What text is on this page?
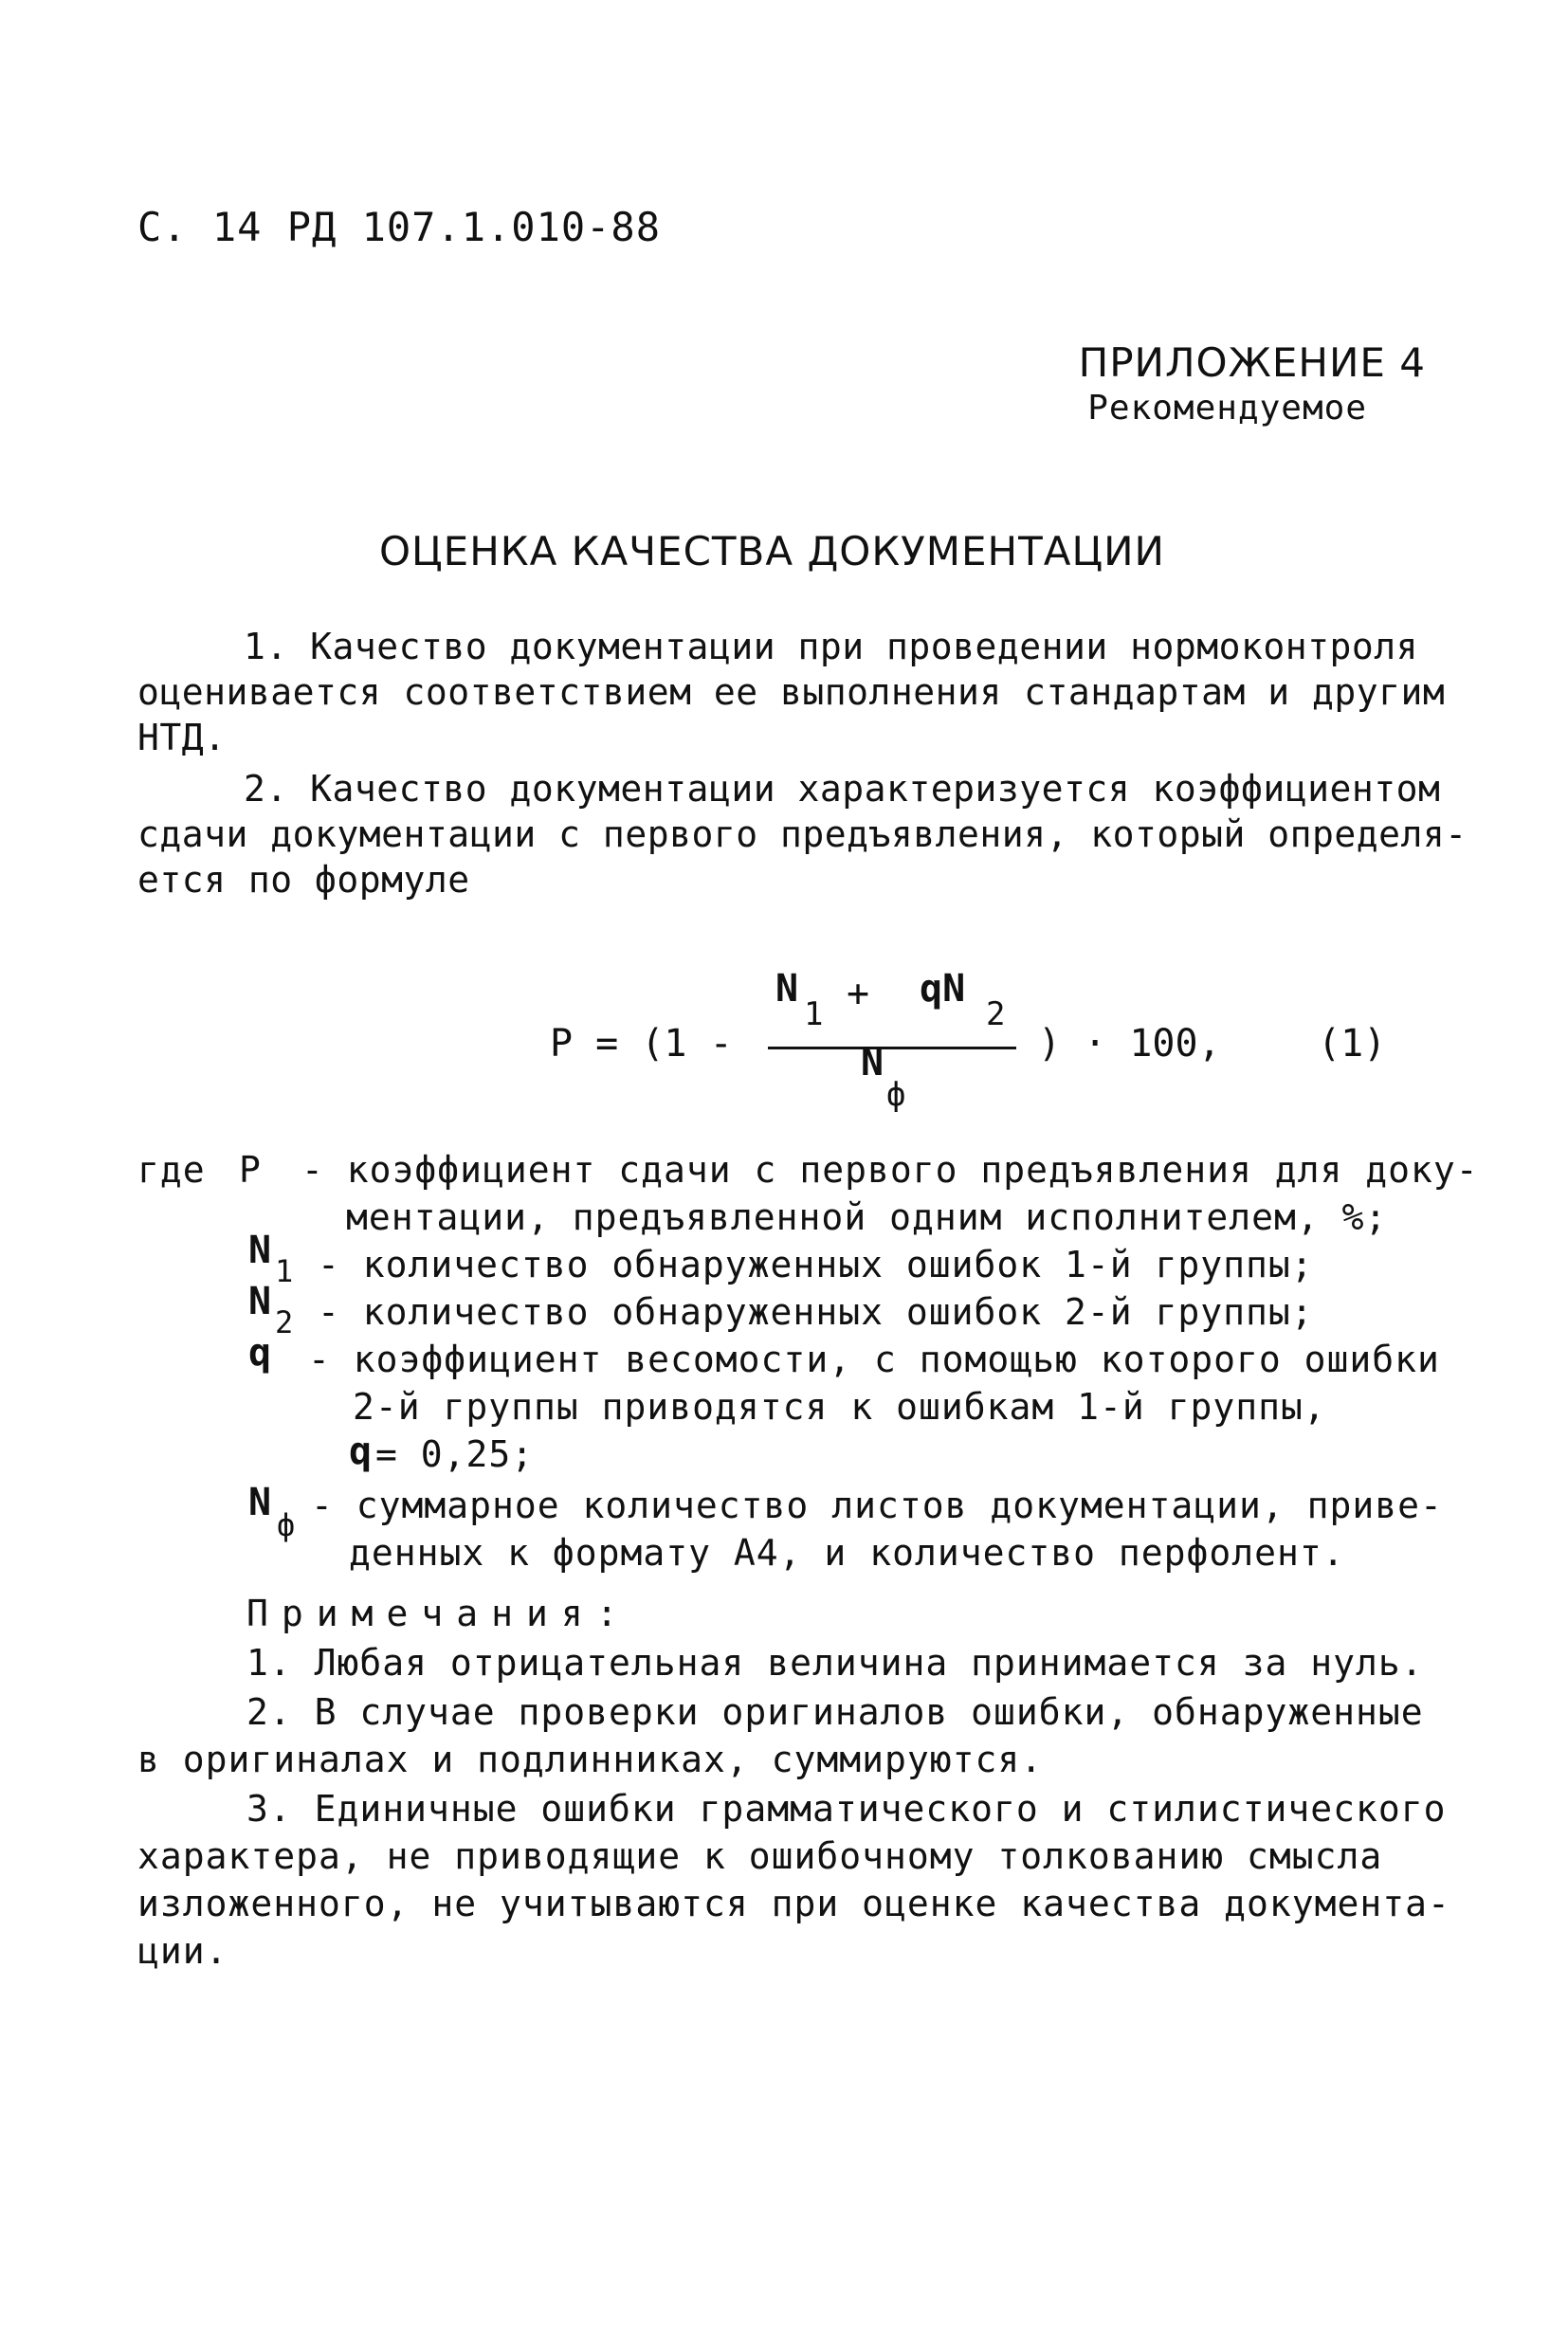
С. 14 РД 107.1.010-88
ПРИЛОЖЕНИЕ 4
Рекомендуемое
ОЦЕНКА КАЧЕСТВА ДОКУМЕНТАЦИИ
1. Качество документации при проведении нормоконтроля
оценивается соответствием ее выполнения стандартам и другим
НТД.
2. Качество документации характеризуется коэффициентом
сдачи документации с первого предъявления, который определя-
ется по формуле
P = (1 -
N
1 + qN
2
N
ф
) · 100,	(1)
где P - коэффициент сдачи с первого предъявления для доку-
ментации, предъявленной одним исполнителем, %;
N 1 - количество обнаруженных ошибок 1-й группы;
N 2 - количество обнаруженных ошибок 2-й группы;
q - коэффициент весомости, с помощью которого ошибки
2-й группы приводятся к ошибкам 1-й группы,
q = 0,25;
N
ф - суммарное количество листов документации, приве-
денных к формату А4, и количество перфолент.
Примечания:
1. Любая отрицательная величина принимается за нуль.
2. В случае проверки оригиналов ошибки, обнаруженные
в оригиналах и подлинниках, суммируются.
3. Единичные ошибки грамматического и стилистического
характера, не приводящие к ошибочному толкованию смысла
изложенного, не учитываются при оценке качества документа-
ции.
